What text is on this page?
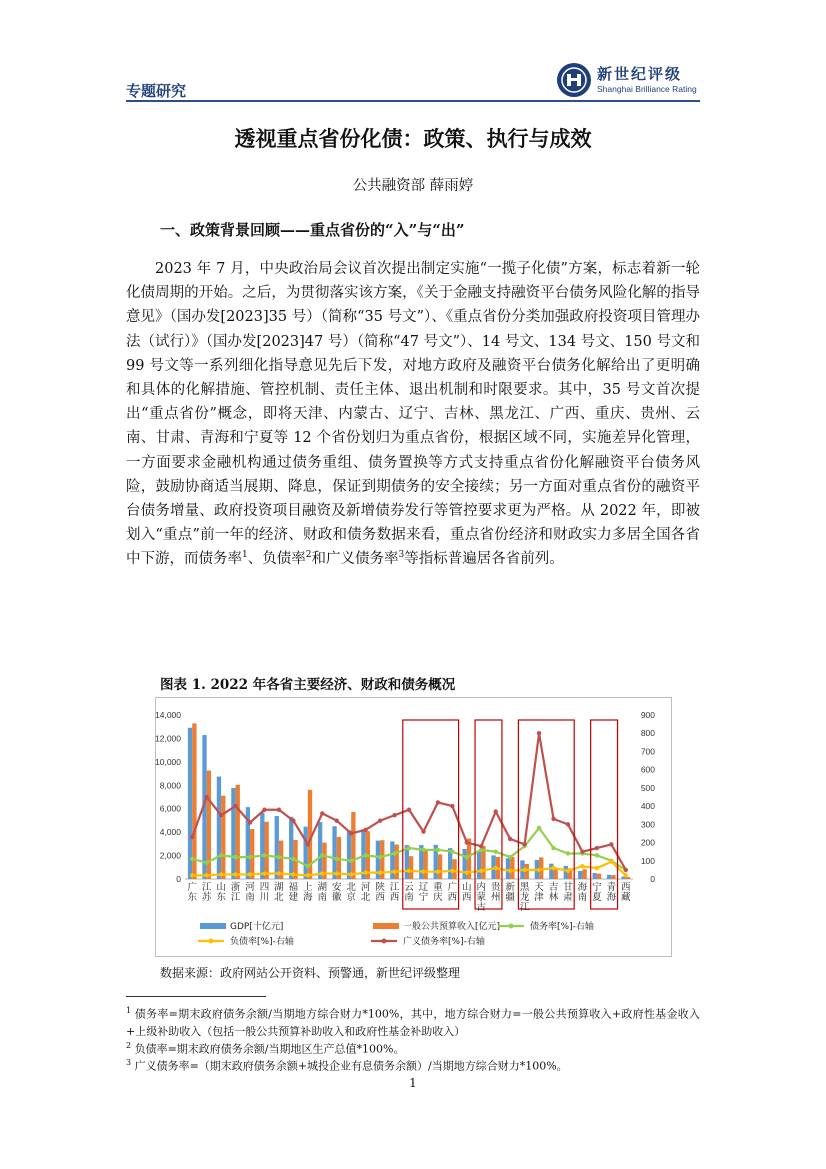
专题研究
新世纪评级
Shanghai Brilliance Rating
透视重点省份化债：政策、执行与成效
公共融资部 薛雨婷
一、政策背景回顾——重点省份的“入”与“出”
2023 年 7 月，中央政治局会议首次提出制定实施“一揽子化债”方案，标志着新一轮化债周期的开始。之后，为贯彻落实该方案，《关于金融支持融资平台债务风险化解的指导意见》（国办发[2023]35 号）（简称“35 号文”）、《重点省份分类加强政府投资项目管理办法（试行）》（国办发[2023]47 号）（简称“47 号文”）、14 号文、134 号文、150 号文和 99 号文等一系列细化指导意见先后下发，对地方政府及融资平台债务化解给出了更明确和具体的化解措施、管控机制、责任主体、退出机制和时限要求。其中，35 号文首次提出“重点省份”概念，即将天津、内蒙古、辽宁、吉林、黑龙江、广西、重庆、贵州、云南、甘肃、青海和宁夏等 12 个省份划归为重点省份，根据区域不同，实施差异化管理，一方面要求金融机构通过债务重组、债务置换等方式支持重点省份化解融资平台债务风险，鼓励协商适当展期、降息，保证到期债务的安全接续；另一方面对重点省份的融资平台债务增量、政府投资项目融资及新增债券发行等管控要求更为严格。从 2022 年，即被划入“重点”前一年的经济、财政和债务数据来看，重点省份经济和财政实力多居全国各省中下游，而债务率$^1$、负债率$^2$和广义债务率$^3$等指标普遍居各省前列。
图表 1. 2022 年各省主要经济、财政和债务概况
0
2,000
4,000
6,000
8,000
10,000
12,000
14,000
0
100
200
300
400
500
600
700
800
900
广
东
江
苏
山
东
浙
江
河
南
四
川
湖
北
福
建
上
海
湖
南
安
徽
北
京
河
北
陕
西
江
西
云
南
辽
宁
重
庆
广
西
山
西
内
蒙
古
贵
州
新
疆
黑
龙
江
天
津
吉
林
甘
肃
海
南
宁
夏
青
海
西
藏
GDP[十亿元]	一般公共预算收入[亿元]	债务率[%]-右轴
负债率[%]-右轴	广义债务率[%]-右轴
数据来源：政府网站公开资料、预警通，新世纪评级整理
$^1$ 债务率=期末政府债务余额/当期地方综合财力*100%，其中，地方综合财力=一般公共预算收入+政府性基金收入+上级补助收入（包括一般公共预算补助收入和政府性基金补助收入）
$^2$ 负债率=期末政府债务余额/当期地区生产总值*100%。
$^3$ 广义债务率=（期末政府债务余额+城投企业有息债务余额）/当期地方综合财力*100%。
1
